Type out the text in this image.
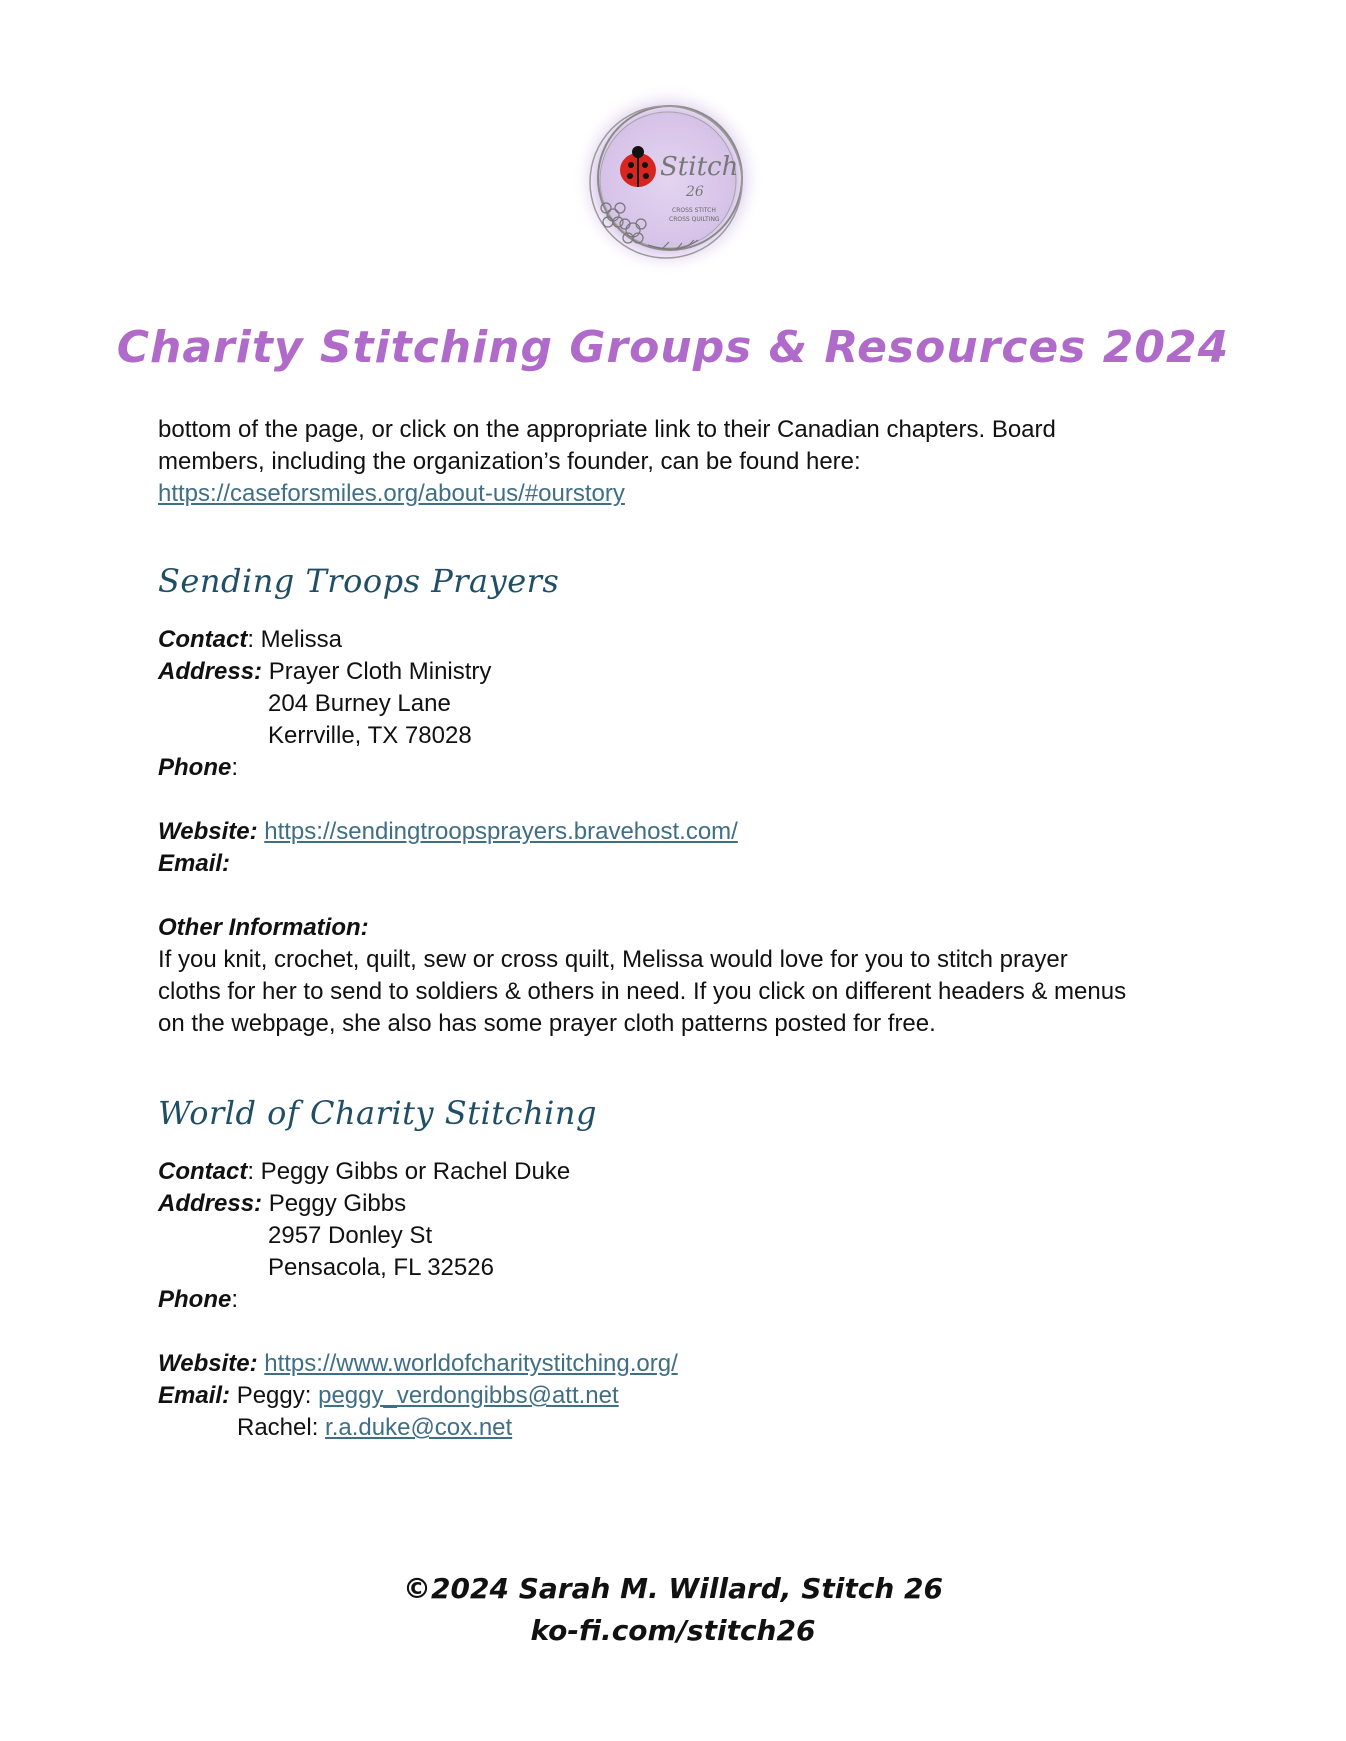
Stitch
26
CROSS STITCH
CROSS QUILTING
Charity Stitching Groups & Resources 2024
bottom of the page, or click on the appropriate link to their Canadian chapters. Board
members, including the organization’s founder, can be found here:
https://caseforsmiles.org/about-us/#ourstory
Sending Troops Prayers
Contact: Melissa
Address: Prayer Cloth Ministry
204 Burney Lane
Kerrville, TX 78028
Phone:
Website: https://sendingtroopsprayers.bravehost.com/
Email:
Other Information:
If you knit, crochet, quilt, sew or cross quilt, Melissa would love for you to stitch prayer
cloths for her to send to soldiers & others in need. If you click on different headers & menus
on the webpage, she also has some prayer cloth patterns posted for free.
World of Charity Stitching
Contact: Peggy Gibbs or Rachel Duke
Address: Peggy Gibbs
2957 Donley St
Pensacola, FL 32526
Phone:
Website: https://www.worldofcharitystitching.org/
Email: Peggy: peggy_verdongibbs@att.net
Rachel: r.a.duke@cox.net
©2024 Sarah M. Willard, Stitch 26
ko-fi.com/stitch26
